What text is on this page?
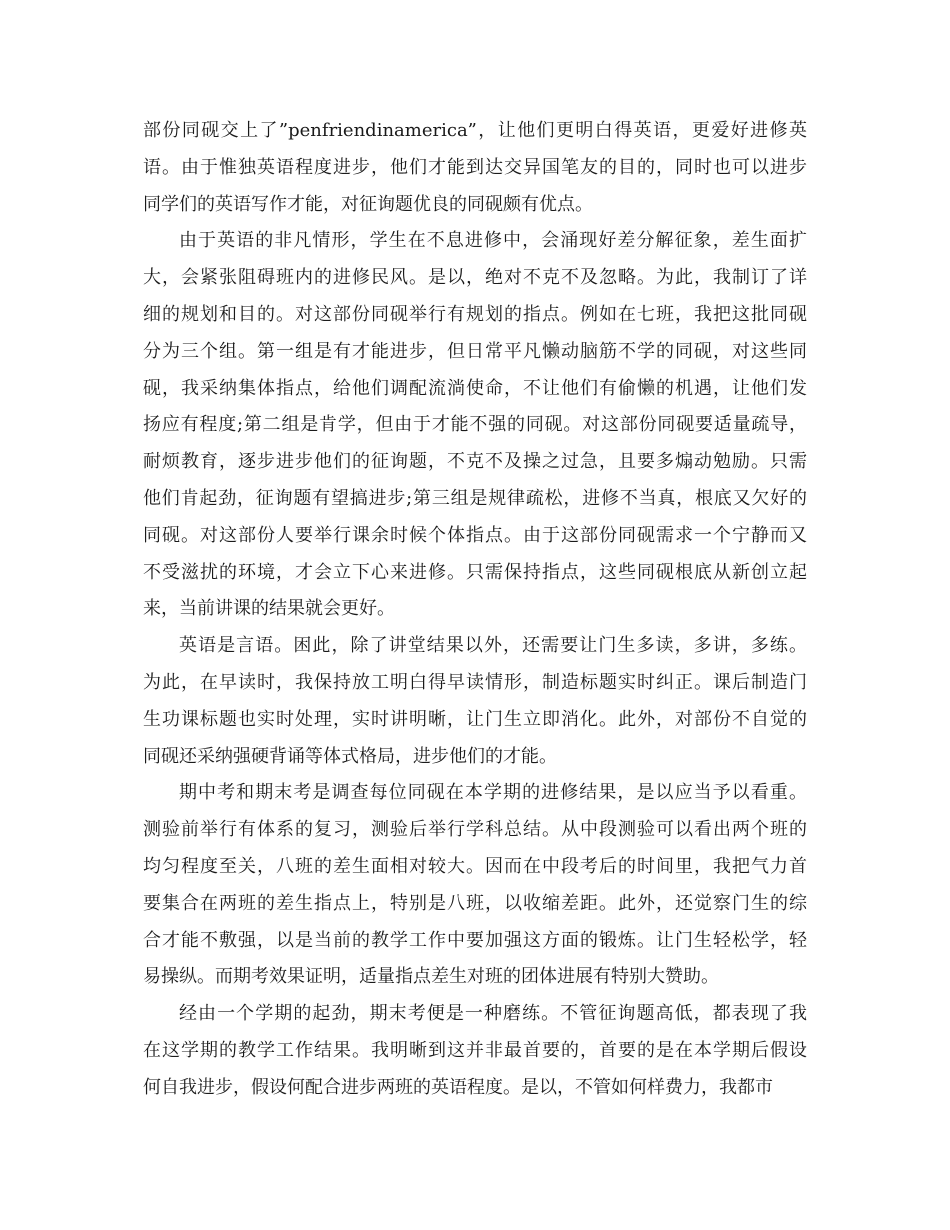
部份同砚交上了”penfriendinamerica”，让他们更明白得英语，更爱好进修英
语。由于惟独英语程度进步，他们才能到达交异国笔友的目的，同时也可以进步
同学们的英语写作才能，对征询题优良的同砚颇有优点。
由于英语的非凡情形，学生在不息进修中，会涌现好差分解征象，差生面扩
大，会紧张阻碍班内的进修民风。是以，绝对不克不及忽略。为此，我制订了详
细的规划和目的。对这部份同砚举行有规划的指点。例如在七班，我把这批同砚
分为三个组。第一组是有才能进步，但日常平凡懒动脑筋不学的同砚，对这些同
砚，我采纳集体指点，给他们调配流淌使命，不让他们有偷懒的机遇，让他们发
扬应有程度;第二组是肯学，但由于才能不强的同砚。对这部份同砚要适量疏导，
耐烦教育，逐步进步他们的征询题，不克不及操之过急，且要多煽动勉励。只需
他们肯起劲，征询题有望搞进步;第三组是规律疏松，进修不当真，根底又欠好的
同砚。对这部份人要举行课余时候个体指点。由于这部份同砚需求一个宁静而又
不受滋扰的环境，才会立下心来进修。只需保持指点，这些同砚根底从新创立起
来，当前讲课的结果就会更好。
英语是言语。困此，除了讲堂结果以外，还需要让门生多读，多讲，多练。
为此，在早读时，我保持放工明白得早读情形，制造标题实时纠正。课后制造门
生功课标题也实时处理，实时讲明晰，让门生立即消化。此外，对部份不自觉的
同砚还采纳强硬背诵等体式格局，进步他们的才能。
期中考和期末考是调查每位同砚在本学期的进修结果，是以应当予以看重。
测验前举行有体系的复习，测验后举行学科总结。从中段测验可以看出两个班的
均匀程度至关，八班的差生面相对较大。因而在中段考后的时间里，我把气力首
要集合在两班的差生指点上，特别是八班，以收缩差距。此外，还觉察门生的综
合才能不敷强，以是当前的教学工作中要加强这方面的锻炼。让门生轻松学，轻
易操纵。而期考效果证明，适量指点差生对班的团体进展有特别大赞助。
经由一个学期的起劲，期末考便是一种磨练。不管征询题高低，都表现了我
在这学期的教学工作结果。我明晰到这并非最首要的，首要的是在本学期后假设
何自我进步，假设何配合进步两班的英语程度。是以，不管如何样费力，我都市
